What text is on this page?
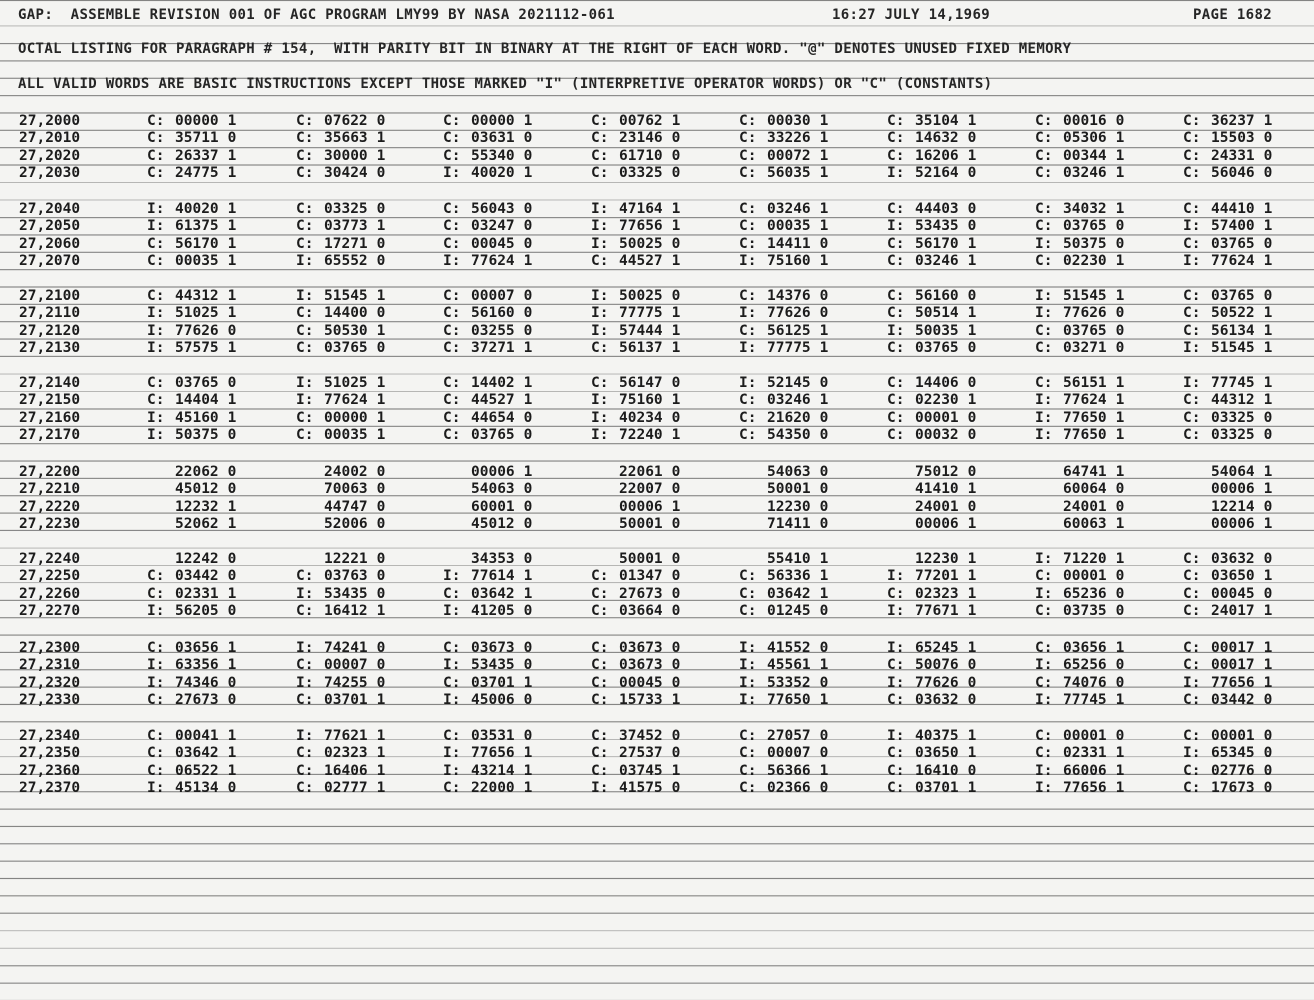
GAP:  ASSEMBLE REVISION 001 OF AGC PROGRAM LMY99 BY NASA 2021112-061	16:27 JULY 14,1969	PAGE 1682
OCTAL LISTING FOR PARAGRAPH # 154,  WITH PARITY BIT IN BINARY AT THE RIGHT OF EACH WORD. "@" DENOTES UNUSED FIXED MEMORY
ALL VALID WORDS ARE BASIC INSTRUCTIONS EXCEPT THOSE MARKED "I" (INTERPRETIVE OPERATOR WORDS) OR "C" (CONSTANTS)
27,2000	C: 00000 1	C: 07622 0	C: 00000 1	C: 00762 1	C: 00030 1	C: 35104 1	C: 00016 0	C: 36237 1
27,2010	C: 35711 0	C: 35663 1	C: 03631 0	C: 23146 0	C: 33226 1	C: 14632 0	C: 05306 1	C: 15503 0
27,2020	C: 26337 1	C: 30000 1	C: 55340 0	C: 61710 0	C: 00072 1	C: 16206 1	C: 00344 1	C: 24331 0
27,2030	C: 24775 1	C: 30424 0	I: 40020 1	C: 03325 0	C: 56035 1	I: 52164 0	C: 03246 1	C: 56046 0
27,2040	I: 40020 1	C: 03325 0	C: 56043 0	I: 47164 1	C: 03246 1	C: 44403 0	C: 34032 1	C: 44410 1
27,2050	I: 61375 1	C: 03773 1	C: 03247 0	I: 77656 1	C: 00035 1	I: 53435 0	C: 03765 0	I: 57400 1
27,2060	C: 56170 1	C: 17271 0	C: 00045 0	I: 50025 0	C: 14411 0	C: 56170 1	I: 50375 0	C: 03765 0
27,2070	C: 00035 1	I: 65552 0	I: 77624 1	C: 44527 1	I: 75160 1	C: 03246 1	C: 02230 1	I: 77624 1
27,2100	C: 44312 1	I: 51545 1	C: 00007 0	I: 50025 0	C: 14376 0	C: 56160 0	I: 51545 1	C: 03765 0
27,2110	I: 51025 1	C: 14400 0	C: 56160 0	I: 77775 1	I: 77626 0	C: 50514 1	I: 77626 0	C: 50522 1
27,2120	I: 77626 0	C: 50530 1	C: 03255 0	I: 57444 1	C: 56125 1	I: 50035 1	C: 03765 0	C: 56134 1
27,2130	I: 57575 1	C: 03765 0	C: 37271 1	C: 56137 1	I: 77775 1	C: 03765 0	C: 03271 0	I: 51545 1
27,2140	C: 03765 0	I: 51025 1	C: 14402 1	C: 56147 0	I: 52145 0	C: 14406 0	C: 56151 1	I: 77745 1
27,2150	C: 14404 1	I: 77624 1	C: 44527 1	I: 75160 1	C: 03246 1	C: 02230 1	I: 77624 1	C: 44312 1
27,2160	I: 45160 1	C: 00000 1	C: 44654 0	I: 40234 0	C: 21620 0	C: 00001 0	I: 77650 1	C: 03325 0
27,2170	I: 50375 0	C: 00035 1	C: 03765 0	I: 72240 1	C: 54350 0	C: 00032 0	I: 77650 1	C: 03325 0
27,2200	22062 0	24002 0	00006 1	22061 0	54063 0	75012 0	64741 1	54064 1
27,2210	45012 0	70063 0	54063 0	22007 0	50001 0	41410 1	60064 0	00006 1
27,2220	12232 1	44747 0	60001 0	00006 1	12230 0	24001 0	24001 0	12214 0
27,2230	52062 1	52006 0	45012 0	50001 0	71411 0	00006 1	60063 1	00006 1
27,2240	12242 0	12221 0	34353 0	50001 0	55410 1	12230 1	I: 71220 1	C: 03632 0
27,2250	C: 03442 0	C: 03763 0	I: 77614 1	C: 01347 0	C: 56336 1	I: 77201 1	C: 00001 0	C: 03650 1
27,2260	C: 02331 1	I: 53435 0	C: 03642 1	C: 27673 0	C: 03642 1	C: 02323 1	I: 65236 0	C: 00045 0
27,2270	I: 56205 0	C: 16412 1	I: 41205 0	C: 03664 0	C: 01245 0	I: 77671 1	C: 03735 0	C: 24017 1
27,2300	C: 03656 1	I: 74241 0	C: 03673 0	C: 03673 0	I: 41552 0	I: 65245 1	C: 03656 1	C: 00017 1
27,2310	I: 63356 1	C: 00007 0	I: 53435 0	C: 03673 0	I: 45561 1	C: 50076 0	I: 65256 0	C: 00017 1
27,2320	I: 74346 0	I: 74255 0	C: 03701 1	C: 00045 0	I: 53352 0	I: 77626 0	C: 74076 0	I: 77656 1
27,2330	C: 27673 0	C: 03701 1	I: 45006 0	C: 15733 1	I: 77650 1	C: 03632 0	I: 77745 1	C: 03442 0
27,2340	C: 00041 1	I: 77621 1	C: 03531 0	C: 37452 0	C: 27057 0	I: 40375 1	C: 00001 0	C: 00001 0
27,2350	C: 03642 1	C: 02323 1	I: 77656 1	C: 27537 0	C: 00007 0	C: 03650 1	C: 02331 1	I: 65345 0
27,2360	C: 06522 1	C: 16406 1	I: 43214 1	C: 03745 1	C: 56366 1	C: 16410 0	I: 66006 1	C: 02776 0
27,2370	I: 45134 0	C: 02777 1	C: 22000 1	I: 41575 0	C: 02366 0	C: 03701 1	I: 77656 1	C: 17673 0
